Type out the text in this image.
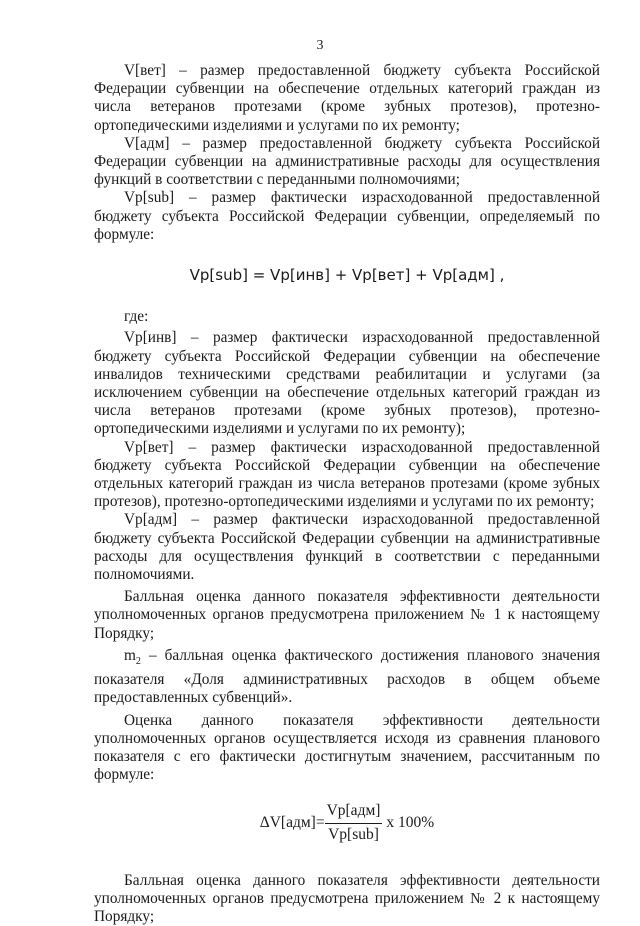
3

V[вет] – размер предоставленной бюджету субъекта Российской Федерации субвенции на обеспечение отдельных категорий граждан из числа ветеранов протезами (кроме зубных протезов), протезно-ортопедическими изделиями и услугами по их ремонту;

V[адм] – размер предоставленной бюджету субъекта Российской Федерации субвенции на административные расходы для осуществления функций в соответствии с переданными полномочиями;

Vp[sub] – размер фактически израсходованной предоставленной бюджету субъекта Российской Федерации субвенции, определяемый по формуле:

Vp[sub] = Vp[инв] + Vp[вет] + Vp[адм] ,

где:

Vp[инв] – размер фактически израсходованной предоставленной бюджету субъекта Российской Федерации субвенции на обеспечение инвалидов техническими средствами реабилитации и услугами (за исключением субвенции на обеспечение отдельных категорий граждан из числа ветеранов протезами (кроме зубных протезов), протезно-ортопедическими изделиями и услугами по их ремонту);

Vp[вет] – размер фактически израсходованной предоставленной бюджету субъекта Российской Федерации субвенции на обеспечение отдельных категорий граждан из числа ветеранов протезами (кроме зубных протезов), протезно-ортопедическими изделиями и услугами по их ремонту;

Vp[адм] – размер фактически израсходованной предоставленной бюджету субъекта Российской Федерации субвенции на административные расходы для осуществления функций в соответствии с переданными полномочиями.

Балльная оценка данного показателя эффективности деятельности уполномоченных органов предусмотрена приложением № 1 к настоящему Порядку;

$m_2$ – балльная оценка фактического достижения планового значения показателя «Доля административных расходов в общем объеме предоставленных субвенций».

Оценка данного показателя эффективности деятельности уполномоченных органов осуществляется исходя из сравнения планового показателя с его фактически достигнутым значением, рассчитанным по формуле:

$\Delta V[адм]= \frac{\text{Vp[адм]}}{\text{Vp[sub]}}$ x 100%

Балльная оценка данного показателя эффективности деятельности уполномоченных органов предусмотрена приложением № 2 к настоящему Порядку;
